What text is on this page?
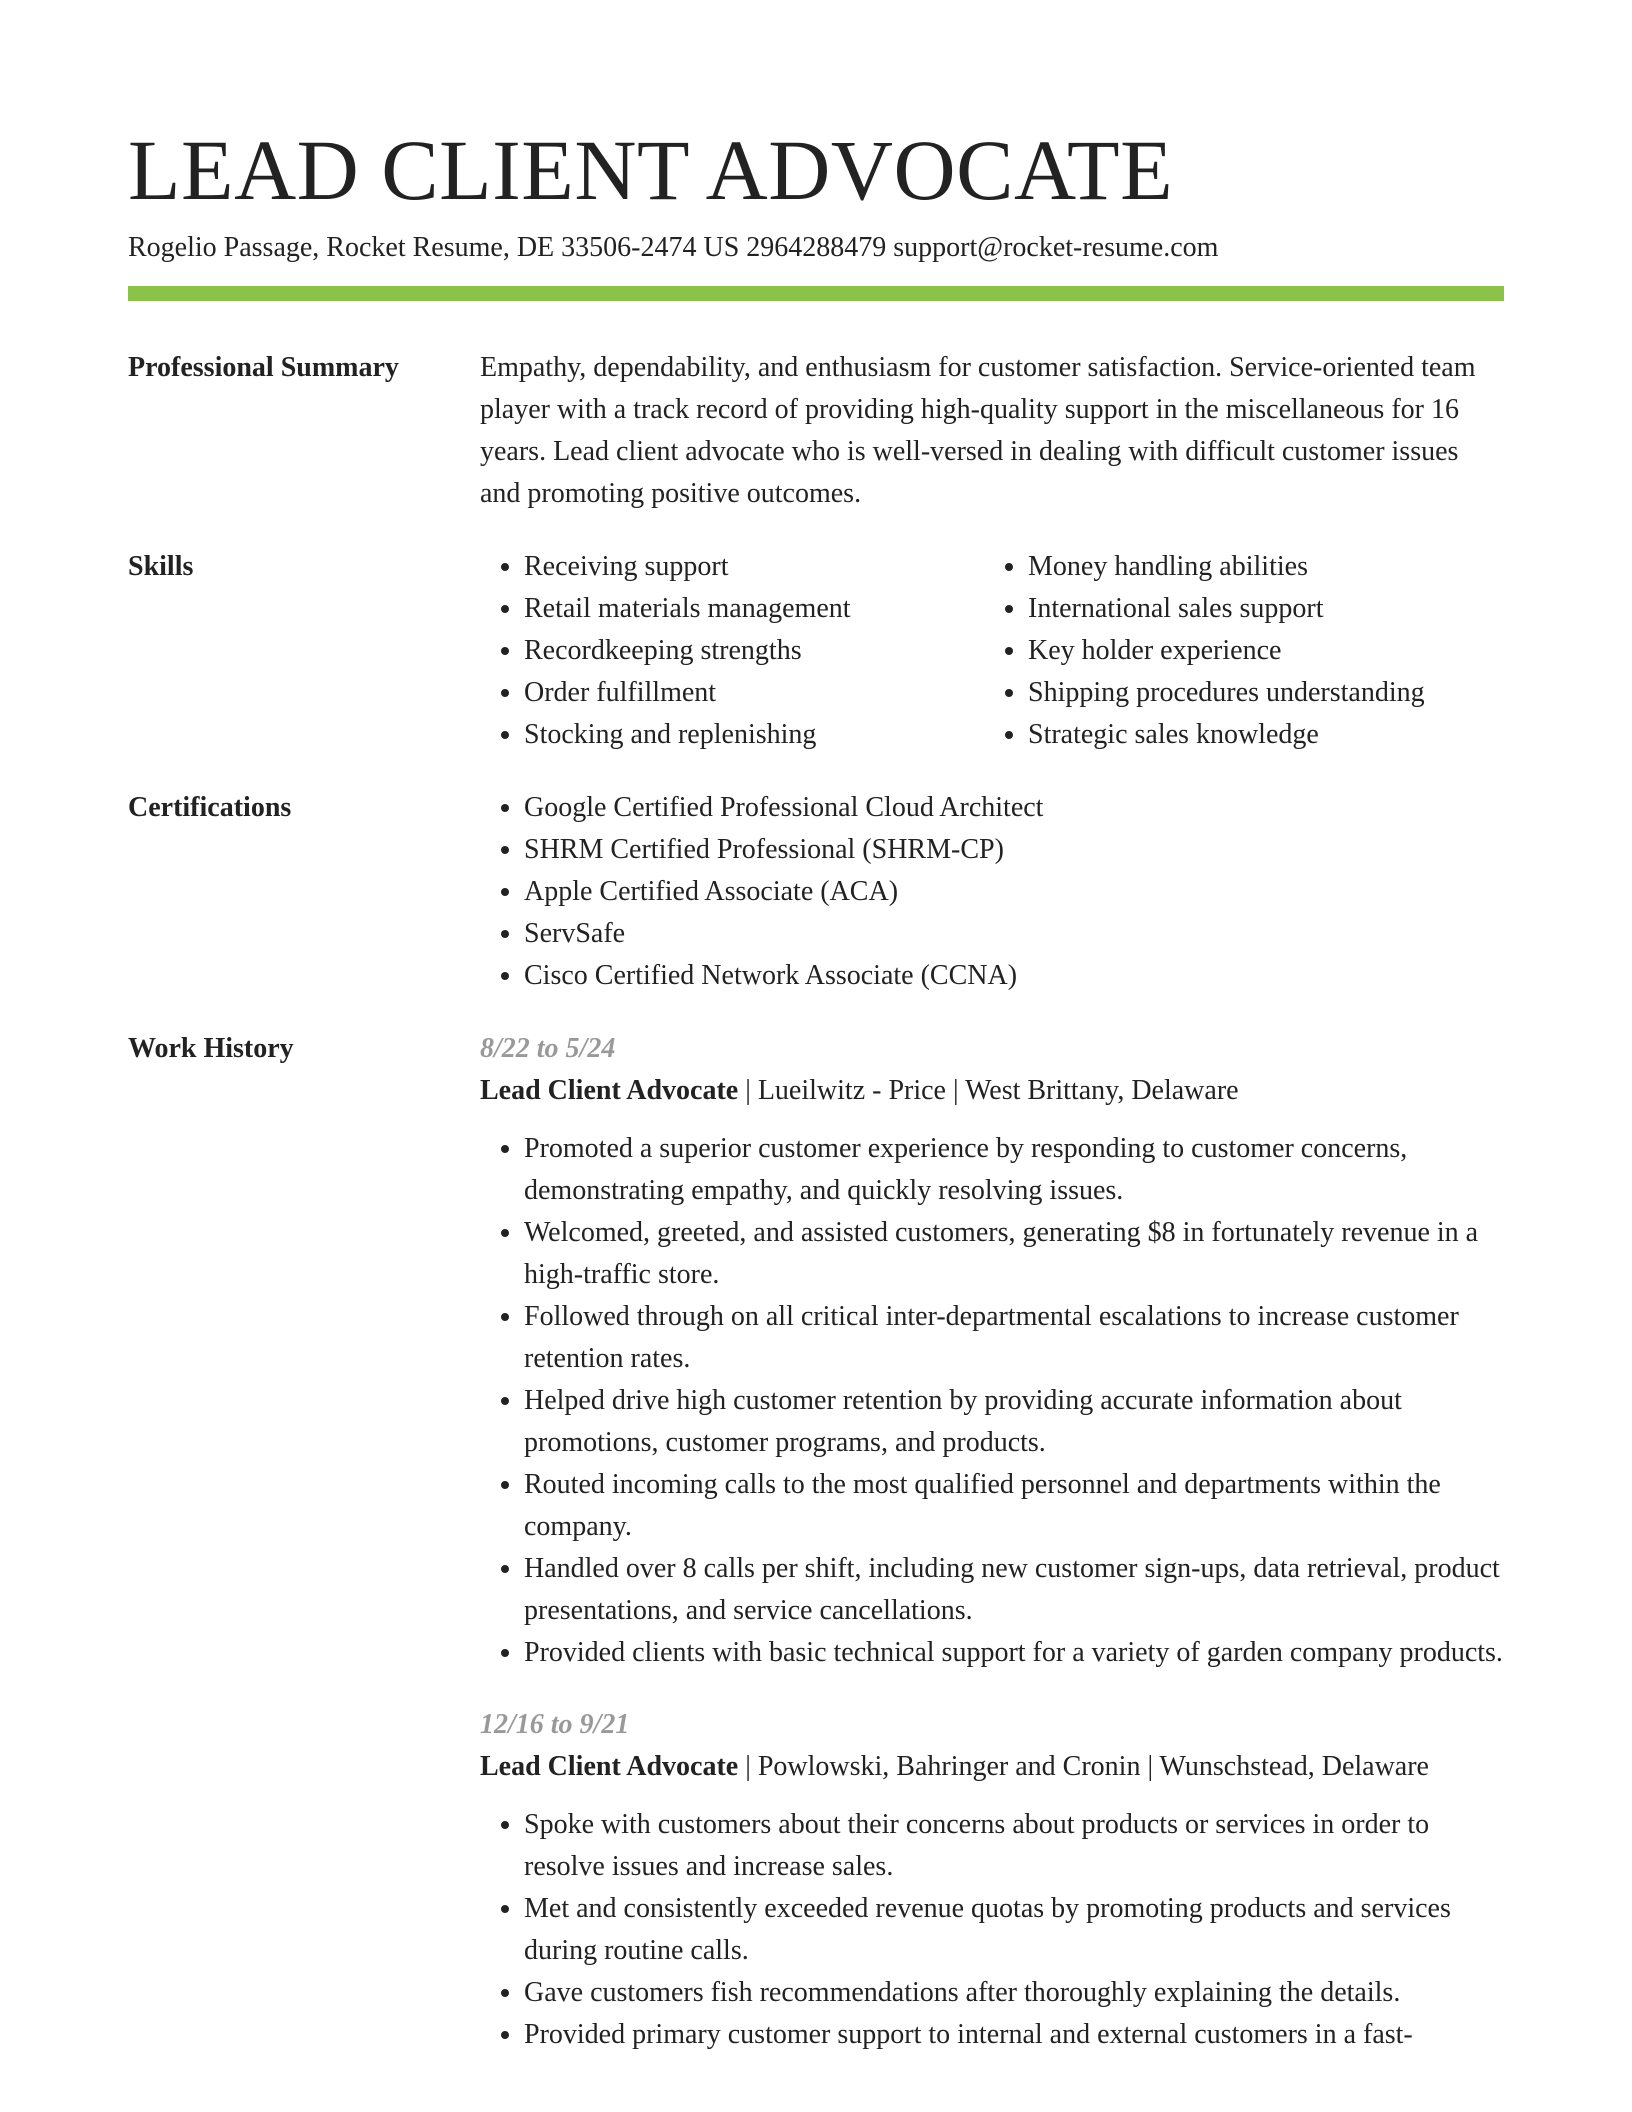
LEAD CLIENT ADVOCATE
Rogelio Passage, Rocket Resume, DE 33506-2474 US 2964288479 support@rocket-resume.com
Professional Summary	Empathy, dependability, and enthusiasm for customer satisfaction. Service-oriented team player with a track record of providing high-quality support in the miscellaneous for 16 years. Lead client advocate who is well-versed in dealing with difficult customer issues and promoting positive outcomes.

Skills	• Receiving support
• Retail materials management
• Recordkeeping strengths
• Order fulfillment
• Stocking and replenishing
• Money handling abilities
• International sales support
• Key holder experience
• Shipping procedures understanding
• Strategic sales knowledge
Certifications	• Google Certified Professional Cloud Architect
• SHRM Certified Professional (SHRM-CP)
• Apple Certified Associate (ACA)
• ServSafe
• Cisco Certified Network Associate (CCNA)
Work History	8/22 to 5/24

Lead Client Advocate | Lueilwitz - Price | West Brittany, Delaware

• Promoted a superior customer experience by responding to customer concerns, demonstrating empathy, and quickly resolving issues.
• Welcomed, greeted, and assisted customers, generating $8 in fortunately revenue in a high-traffic store.
• Followed through on all critical inter-departmental escalations to increase customer retention rates.
• Helped drive high customer retention by providing accurate information about promotions, customer programs, and products.
• Routed incoming calls to the most qualified personnel and departments within the company.
• Handled over 8 calls per shift, including new customer sign-ups, data retrieval, product presentations, and service cancellations.
• Provided clients with basic technical support for a variety of garden company products.

12/16 to 9/21

Lead Client Advocate | Powlowski, Bahringer and Cronin | Wunschstead, Delaware

• Spoke with customers about their concerns about products or services in order to resolve issues and increase sales.
• Met and consistently exceeded revenue quotas by promoting products and services during routine calls.
• Gave customers fish recommendations after thoroughly explaining the details.
• Provided primary customer support to internal and external customers in a fast-
